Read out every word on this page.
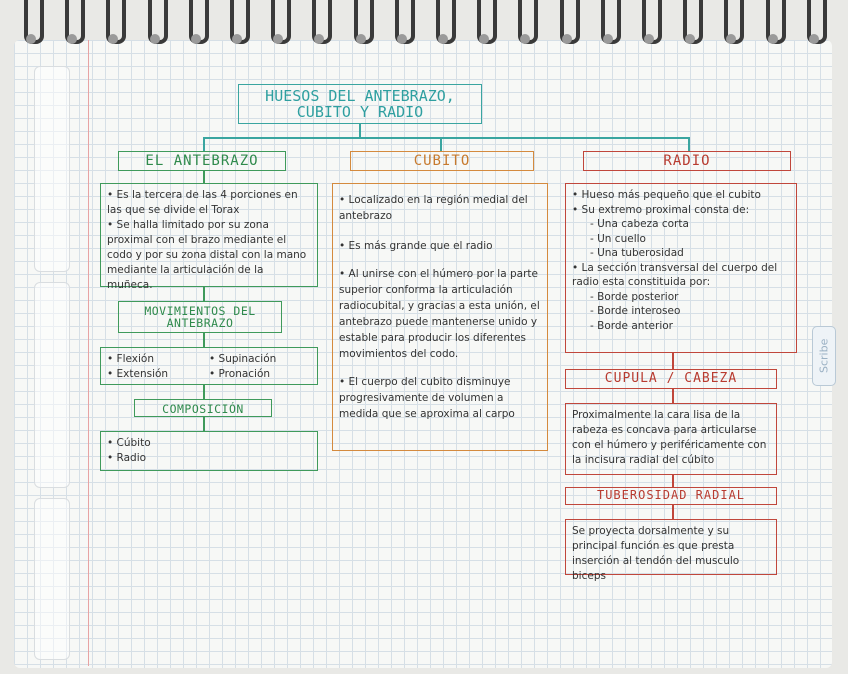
Scribe
HUESOS DEL ANTEBRAZO,
CUBITO Y RADIO
EL ANTEBRAZO
• Es la tercera de las 4 porciones en las que se divide el Torax
• Se halla limitado por su zona proximal con el brazo mediante el codo y por su zona distal con la mano mediante la articulación de la muñeca.
MOVIMIENTOS DEL ANTEBRAZO
• Flexión	• Supinación
• Extensión	• Pronación
COMPOSICIÓN
• Cúbito
• Radio
CUBITO

• Localizado en la región medial del antebrazo

• Es más grande que el radio

• Al unirse con el húmero por la parte superior conforma la articulación radiocubital, y gracias a esta unión, el antebrazo puede mantenerse unido y estable para producir los diferentes movimientos del codo.

• El cuerpo del cubito disminuye progresivamente de volumen a medida que se aproxima al carpo

RADIO
• Hueso más pequeño que el cubito
• Su extremo proximal consta de:
- Una cabeza corta
- Un cuello
- Una tuberosidad
• La sección transversal del cuerpo del radio esta constituida por:
- Borde posterior
- Borde interoseo
- Borde anterior
CUPULA / CABEZA
Proximalmente la cara lisa de la rabeza es concava para articularse con el húmero y periféricamente con la incisura radial del cúbito
TUBEROSIDAD RADIAL
Se proyecta dorsalmente y su principal función es que presta inserción al tendón del musculo biceps
